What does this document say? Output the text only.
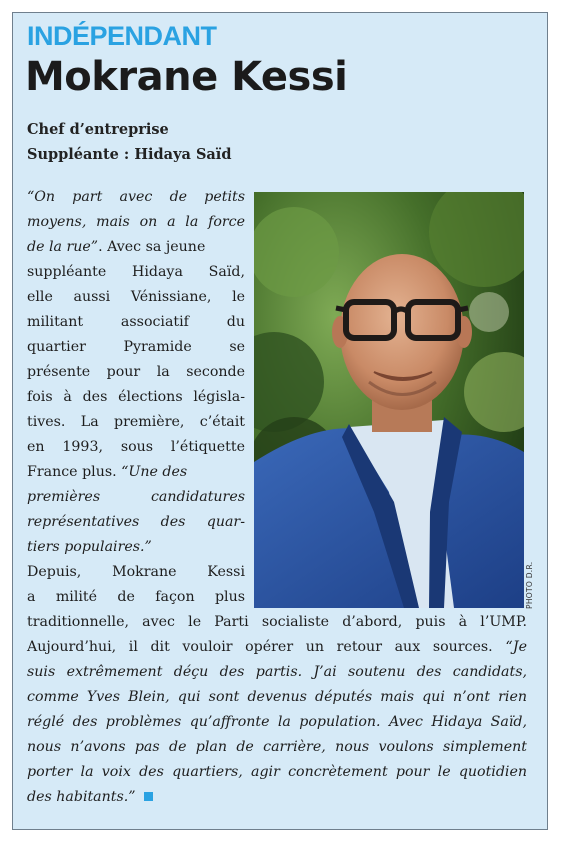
INDÉPENDANT
Mokrane Kessi
Chef d’entreprise
Suppléante : Hidaya Saïd
PHOTO D.R.
“On part avec de petits
moyens, mais on a la force
de la rue”. Avec sa jeune
suppléante Hidaya Saïd,
elle aussi Vénissiane, le
militant associatif du
quartier Pyramide se
présente pour la seconde
fois à des élections législa-
tives. La première, c’était
en 1993, sous l’étiquette
France plus. “Une des
premières candidatures
représentatives des quar-
tiers populaires.”
Depuis, Mokrane Kessi
a milité de façon plus
traditionnelle, avec le Parti socialiste d’abord, puis à l’UMP.
Aujourd’hui, il dit vouloir opérer un retour aux sources. “Je
suis extrêmement déçu des partis. J’ai soutenu des candidats,
comme Yves Blein, qui sont devenus députés mais qui n’ont rien
réglé des problèmes qu’affronte la population. Avec Hidaya Saïd,
nous n’avons pas de plan de carrière, nous voulons simplement
porter la voix des quartiers, agir concrètement pour le quotidien
des habitants.”
